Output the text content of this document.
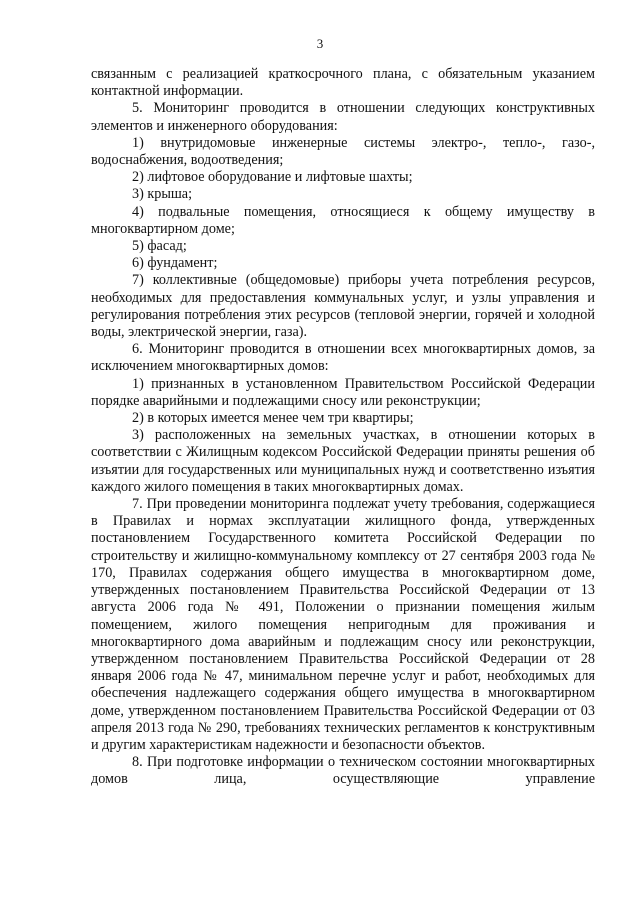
3

связанным с реализацией краткосрочного плана, с обязательным указанием контактной информации.

5. Мониторинг проводится в отношении следующих конструктивных элементов и инженерного оборудования:

1) внутридомовые инженерные системы электро-, тепло-, газо-, водоснабжения, водоотведения;

2) лифтовое оборудование и лифтовые шахты;

3) крыша;

4) подвальные помещения, относящиеся к общему имуществу в многоквартирном доме;

5) фасад;

6) фундамент;

7) коллективные (общедомовые) приборы учета потребления ресурсов, необходимых для предоставления коммунальных услуг, и узлы управления и регулирования потребления этих ресурсов (тепловой энергии, горячей и холодной воды, электрической энергии, газа).

6. Мониторинг проводится в отношении всех многоквартирных домов, за исключением многоквартирных домов:

1) признанных в установленном Правительством Российской Федерации порядке аварийными и подлежащими сносу или реконструкции;

2) в которых имеется менее чем три квартиры;

3) расположенных на земельных участках, в отношении которых в соответствии с Жилищным кодексом Российской Федерации приняты решения об изъятии для государственных или муниципальных нужд и соответственно изъятия каждого жилого помещения в таких многоквартирных домах.

7. При проведении мониторинга подлежат учету требования, содержащиеся в Правилах и нормах эксплуатации жилищного фонда, утвержденных постановлением Государственного комитета Российской Федерации по строительству и жилищно-коммунальному комплексу от 27 сентября 2003 года № 170, Правилах содержания общего имущества в многоквартирном доме, утвержденных постановлением Правительства Российской Федерации от 13 августа 2006 года № 491, Положении о признании помещения жилым помещением, жилого помещения непригодным для проживания и многоквартирного дома аварийным и подлежащим сносу или реконструкции, утвержденном постановлением Правительства Российской Федерации от 28 января 2006 года № 47, минимальном перечне услуг и работ, необходимых для обеспечения надлежащего содержания общего имущества в многоквартирном доме, утвержденном постановлением Правительства Российской Федерации от 03 апреля 2013 года № 290, требованиях технических регламентов к конструктивным и другим характеристикам надежности и безопасности объектов.

8. При подготовке информации о техническом состоянии многоквартирных домов лица, осуществляющие управление
